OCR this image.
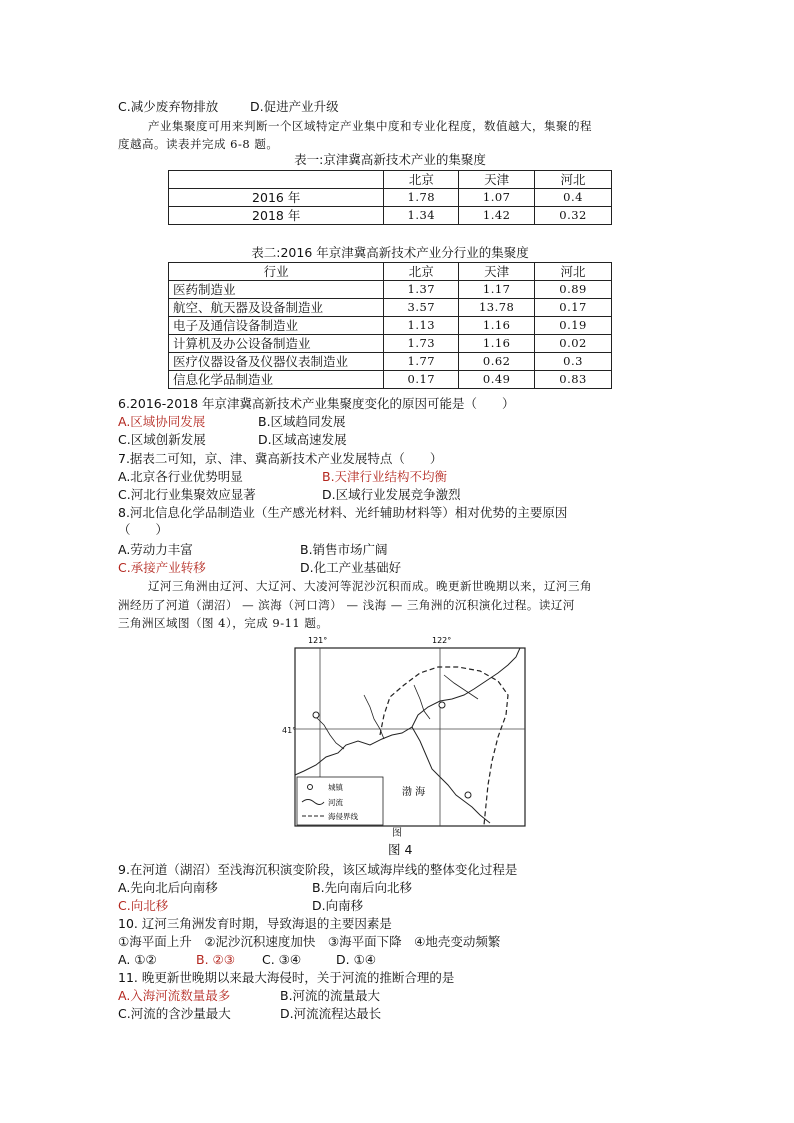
C.减少废弃物排放	D.促进产业升级
产业集聚度可用来判断一个区域特定产业集中度和专业化程度，数值越大，集聚的程
度越高。读表并完成 6-8 题。
表一:京津冀高新技术产业的集聚度
	北京	天津	河北
2016 年	1.78	1.07	0.4
2018 年	1.34	1.42	0.32
表二:2016 年京津冀高新技术产业分行业的集聚度
行业	北京	天津	河北
医药制造业	1.37	1.17	0.89
航空、航天器及设备制造业	3.57	13.78	0.17
电子及通信设备制造业	1.13	1.16	0.19
计算机及办公设备制造业	1.73	1.16	0.02
医疗仪器设备及仪器仪表制造业	1.77	0.62	0.3
信息化学品制造业	0.17	0.49	0.83
6.2016-2018 年京津冀高新技术产业集聚度变化的原因可能是（　　）
A.区域协同发展	B.区域趋同发展
C.区域创新发展	D.区域高速发展
7.据表二可知，京、津、冀高新技术产业发展特点（　　）
A.北京各行业优势明显	B.天津行业结构不均衡
C.河北行业集聚效应显著	D.区域行业发展竞争激烈
8.河北信息化学品制造业（生产感光材料、光纤辅助材料等）相对优势的主要原因
（　　）
A.劳动力丰富	B.销售市场广阔
C.承接产业转移	D.化工产业基础好
辽河三角洲由辽河、大辽河、大凌河等泥沙沉积而成。晚更新世晚期以来，辽河三角
洲经历了河道（湖沼） — 滨海（河口湾） — 浅海 — 三角洲的沉积演化过程。读辽河
三角洲区域图（图 4），完成 9-11 题。
121°	122°
渤 海
城镇
河流
海侵界线
41°
图
图 4
9.在河道（湖沼）至浅海沉积演变阶段，该区域海岸线的整体变化过程是
A.先向北后向南移	B.先向南后向北移
C.向北移	D.向南移
10. 辽河三角洲发育时期，导致海退的主要因素是
①海平面上升　②泥沙沉积速度加快　③海平面下降　④地壳变动频繁
A. ①②	B. ②③ C. ③④	D. ①④
11. 晚更新世晚期以来最大海侵时，关于河流的推断合理的是
A.入海河流数量最多	B.河流的流量最大
C.河流的含沙量最大	D.河流流程达最长
